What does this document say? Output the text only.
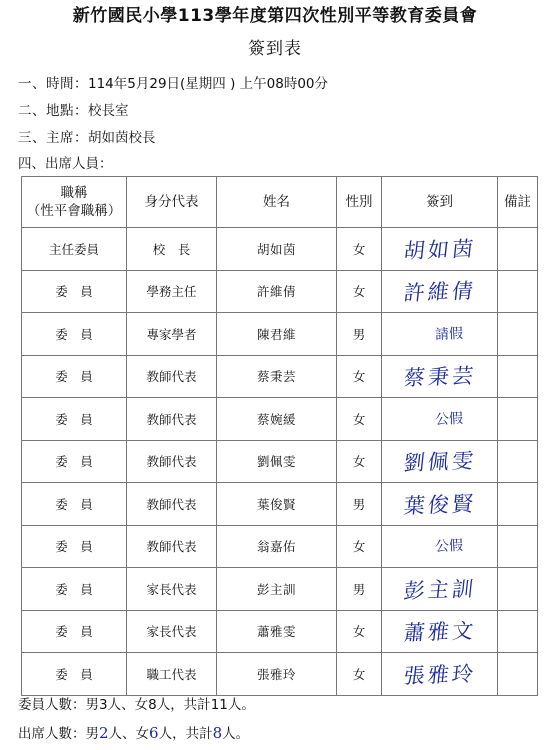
新竹國民小學113學年度第四次性別平等教育委員會
簽到表

一、時間：114年5月29日(星期四 ) 上午08時00分

二、地點：校長室

三、主席：胡如茵校長

四、出席人員：

職稱
（性平會職稱）	身分代表	姓名	性別	簽到	備註
主任委員	校　長	胡如茵	女	胡如茵	
委　員	學務主任	許維倩	女	許維倩	
委　員	專家學者	陳君維	男	請假	
委　員	教師代表	蔡秉芸	女	蔡秉芸	
委　員	教師代表	蔡婉緩	女	公假	
委　員	教師代表	劉佩雯	女	劉佩雯	
委　員	教師代表	葉俊賢	男	葉俊賢	
委　員	教師代表	翁嘉佑	女	公假	
委　員	家長代表	彭主訓	男	彭主訓	
委　員	家長代表	蕭雅雯	女	蕭雅文	
委　員	職工代表	張雅玲	女	張雅玲	

委員人數：男3人、女8人，共計11人。

出席人數：男2人、女6人，共計8人。
